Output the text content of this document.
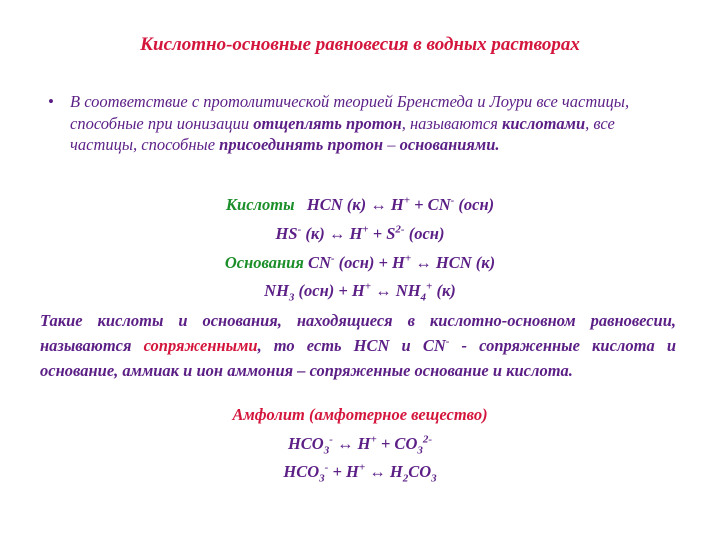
Кислотно-основные равновесия в водных растворах
• В соответствие с протолитической теорией Бренстеда и Лоури все частицы, способные при ионизации отщеплять протон, называются кислотами, все частицы, способные присоединять протон – основаниями.
Кислоты HCN (к) ↔ H+ + CN- (осн)
HS- (к) ↔ $H^+ + S^{2-}$ (осн)
Основания CN- (осн) + H+ ↔ HCN (к)
$NH_3$ (осн) + H+ ↔ $NH_4^+$ (к)
Такие кислоты и основания, находящиеся в кислотно-основном равновесии, называются сопряженными, то есть HCN и CN- - сопряженные кислота и основание, аммиак и ион аммония – сопряженные основание и кислота.
Амфолит (амфотерное вещество)
$HCO_3^-$ ↔ $H^+ + CO_3^{2-}$
$HCO_3^- + H^+$ ↔ $H_2CO_3$
